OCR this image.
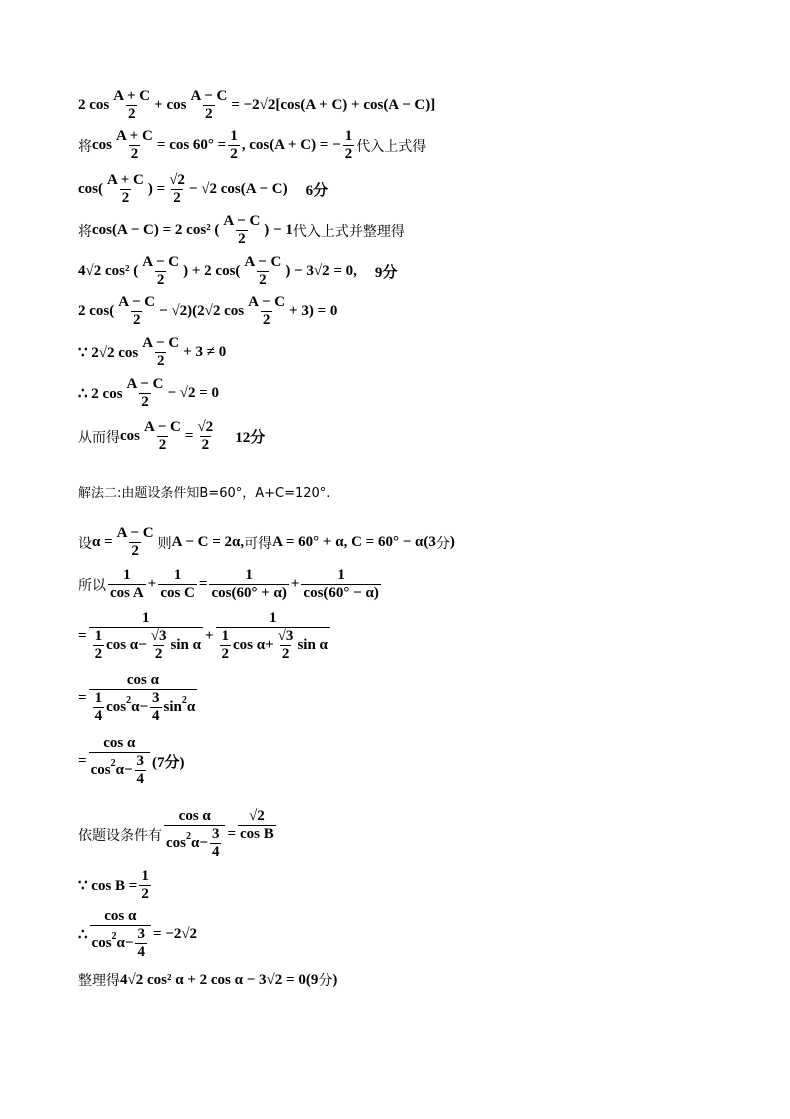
2 $\cos \frac{A + C}{2} + \cos \frac{A - C}{2} = -2√2[\cos(A + C) + \cos(A - C)]$
将 $\cos \frac{A + C}{2} = \cos 60^\circ = \frac{1}{2}$ , cos(A + C) = − $\frac{1}{2}$ 代入上式得
$\cos( \frac{A + C}{2}$ ) = $\frac{√2}{2} - √2$ cos(A − C) 6分
将 cos(A − C) = 2 cos² ( $\frac{A - C}{2}$ ) − 1 代入上式并整理得
4√2 cos² ( $\frac{A - C}{2}$ ) + 2 $\cos( \frac{A - C}{2}$ ) − 3√2 = 0, 9分
2 $\cos( \frac{A - C}{2} - √2)(2√2$ $\cos \frac{A - C}{2} + 3) = 0$
∵ 2√2 $\cos \frac{A - C}{2} + 3 \ne 0$
∴ 2 $\cos \frac{A - C}{2} - √2 = 0$
从而得 $\cos \frac{A - C}{2} = \frac{√2}{2} 12$分
解法二:由题设条件知B=60°，A+C=120°.
设 $\alpha = \frac{A - C}{2}$ 则 A − C = 2α, 可得 A = 60° + α, C = 60° − α(3 分 )
所以 $\frac{1}{\text{cos A}} + \frac{1}{\text{cos C}} = \frac{1}{\cos(60^\circ + \alpha)} + \frac{1}{\cos(60^\circ - \alpha)}$
= $\frac{1}{\frac{1}{2} \cos \alpha - \frac{√3}{2} \sin \alpha} + \frac{1}{\frac{1}{2} \cos \alpha + \frac{√3}{2} \sin \alpha}$
= $\frac{\text{cos α}}{\frac{1}{4} \cos 2 \alpha - \frac{3}{4} \sin 2 \alpha}$
= $\frac{\text{cos α}}{\cos 2 \alpha - \frac{3}{4}} (7$分)
依题设条件有 $\frac{\text{cos α}}{\cos 2 \alpha - \frac{3}{4}} = \frac{√2}{\text{cos B}}$
∵ $\cos B = \frac{1}{2}$
∴ $\frac{\text{cos α}}{\cos 2 \alpha - \frac{3}{4}} = -2√2$
整理得 4√2 cos² α + 2 cos α − 3√2 = 0(9 分 )
